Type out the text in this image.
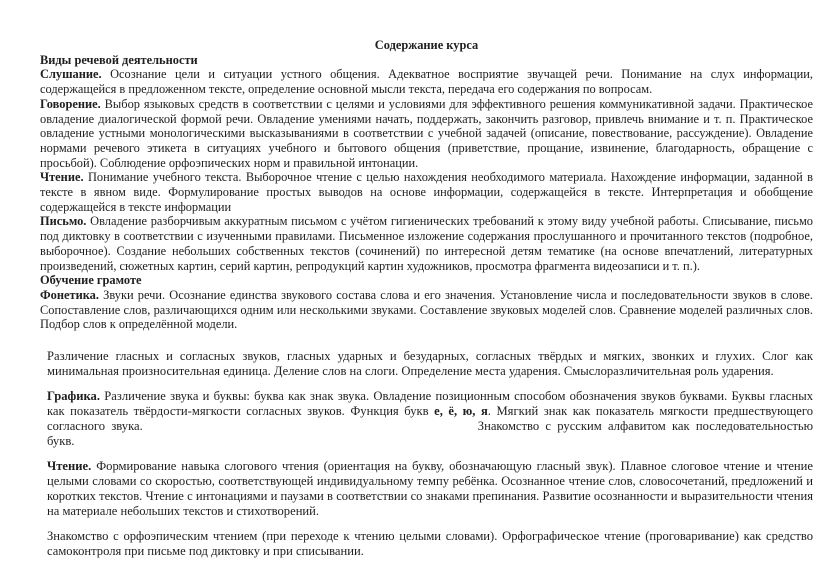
Содержание курса

Виды речевой деятельности

Слушание. Осознание цели и ситуации устного общения. Адекватное восприятие звучащей речи. Понимание на слух информации, содержащейся в предложенном тексте, определение основной мысли текста, передача его содержания по вопросам.

Говорение. Выбор языковых средств в соответствии с целями и условиями для эффективного решения коммуникативной задачи. Практическое овладение диалогической формой речи. Овладение умениями начать, поддержать, закончить разговор, привлечь внимание и т. п. Практическое овладение устными монологическими высказываниями в соответствии с учебной задачей (описание, повествование, рассуждение). Овладение нормами речевого этикета в ситуациях учебного и бытового общения (приветствие, прощание, извинение, благодарность, обращение с просьбой). Соблюдение орфоэпических норм и правильной интонации.

Чтение. Понимание учебного текста. Выборочное чтение с целью нахождения необходимого материала. Нахождение информации, заданной в тексте в явном виде. Формулирование простых выводов на основе информации, содержащейся в тексте. Интерпретация и обобщение содержащейся в тексте информации

Письмо. Овладение разборчивым аккуратным письмом с учётом гигиенических требований к этому виду учебной работы. Списывание, письмо под диктовку в соответствии с изученными правилами. Письменное изложение содержания прослушанного и прочитанного текстов (подробное, выборочное). Создание небольших собственных текстов (сочинений) по интересной детям тематике (на основе впечатлений, литературных произведений, сюжетных картин, серий картин, репродукций картин художников, просмотра фрагмента видеозаписи и т. п.).

Обучение грамоте

Фонетика. Звуки речи. Осознание единства звукового состава слова и его значения. Установление числа и последовательности звуков в слове. Сопоставление слов, различающихся одним или несколькими звуками. Составление звуковых моделей слов. Сравнение моделей различных слов. Подбор слов к определённой модели.

Различение гласных и согласных звуков, гласных ударных и безударных, согласных твёрдых и мягких, звонких и глухих. Слог как минимальная произносительная единица. Деление слов на слоги. Определение места ударения. Смыслоразличительная роль ударения.

Графика. Различение звука и буквы: буква как знак звука. Овладение позиционным способом обозначения звуков буквами. Буквы гласных как показатель твёрдости-мягкости согласных звуков. Функция букв е, ё, ю, я. Мягкий знак как показатель мягкости предшествующего согласного звука.	Знакомство с русским алфавитом как последовательностью букв.

Чтение. Формирование навыка слогового чтения (ориентация на букву, обозначающую гласный звук). Плавное слоговое чтение и чтение целыми словами со скоростью, соответствующей индивидуальному темпу ребёнка. Осознанное чтение слов, словосочетаний, предложений и коротких текстов. Чтение с интонациями и паузами в соответствии со знаками препинания. Развитие осознанности и выразительности чтения на материале небольших текстов и стихотворений.

Знакомство с орфоэпическим чтением (при переходе к чтению целыми словами). Орфографическое чтение (проговаривание) как средство самоконтроля при письме под диктовку и при списывании.
